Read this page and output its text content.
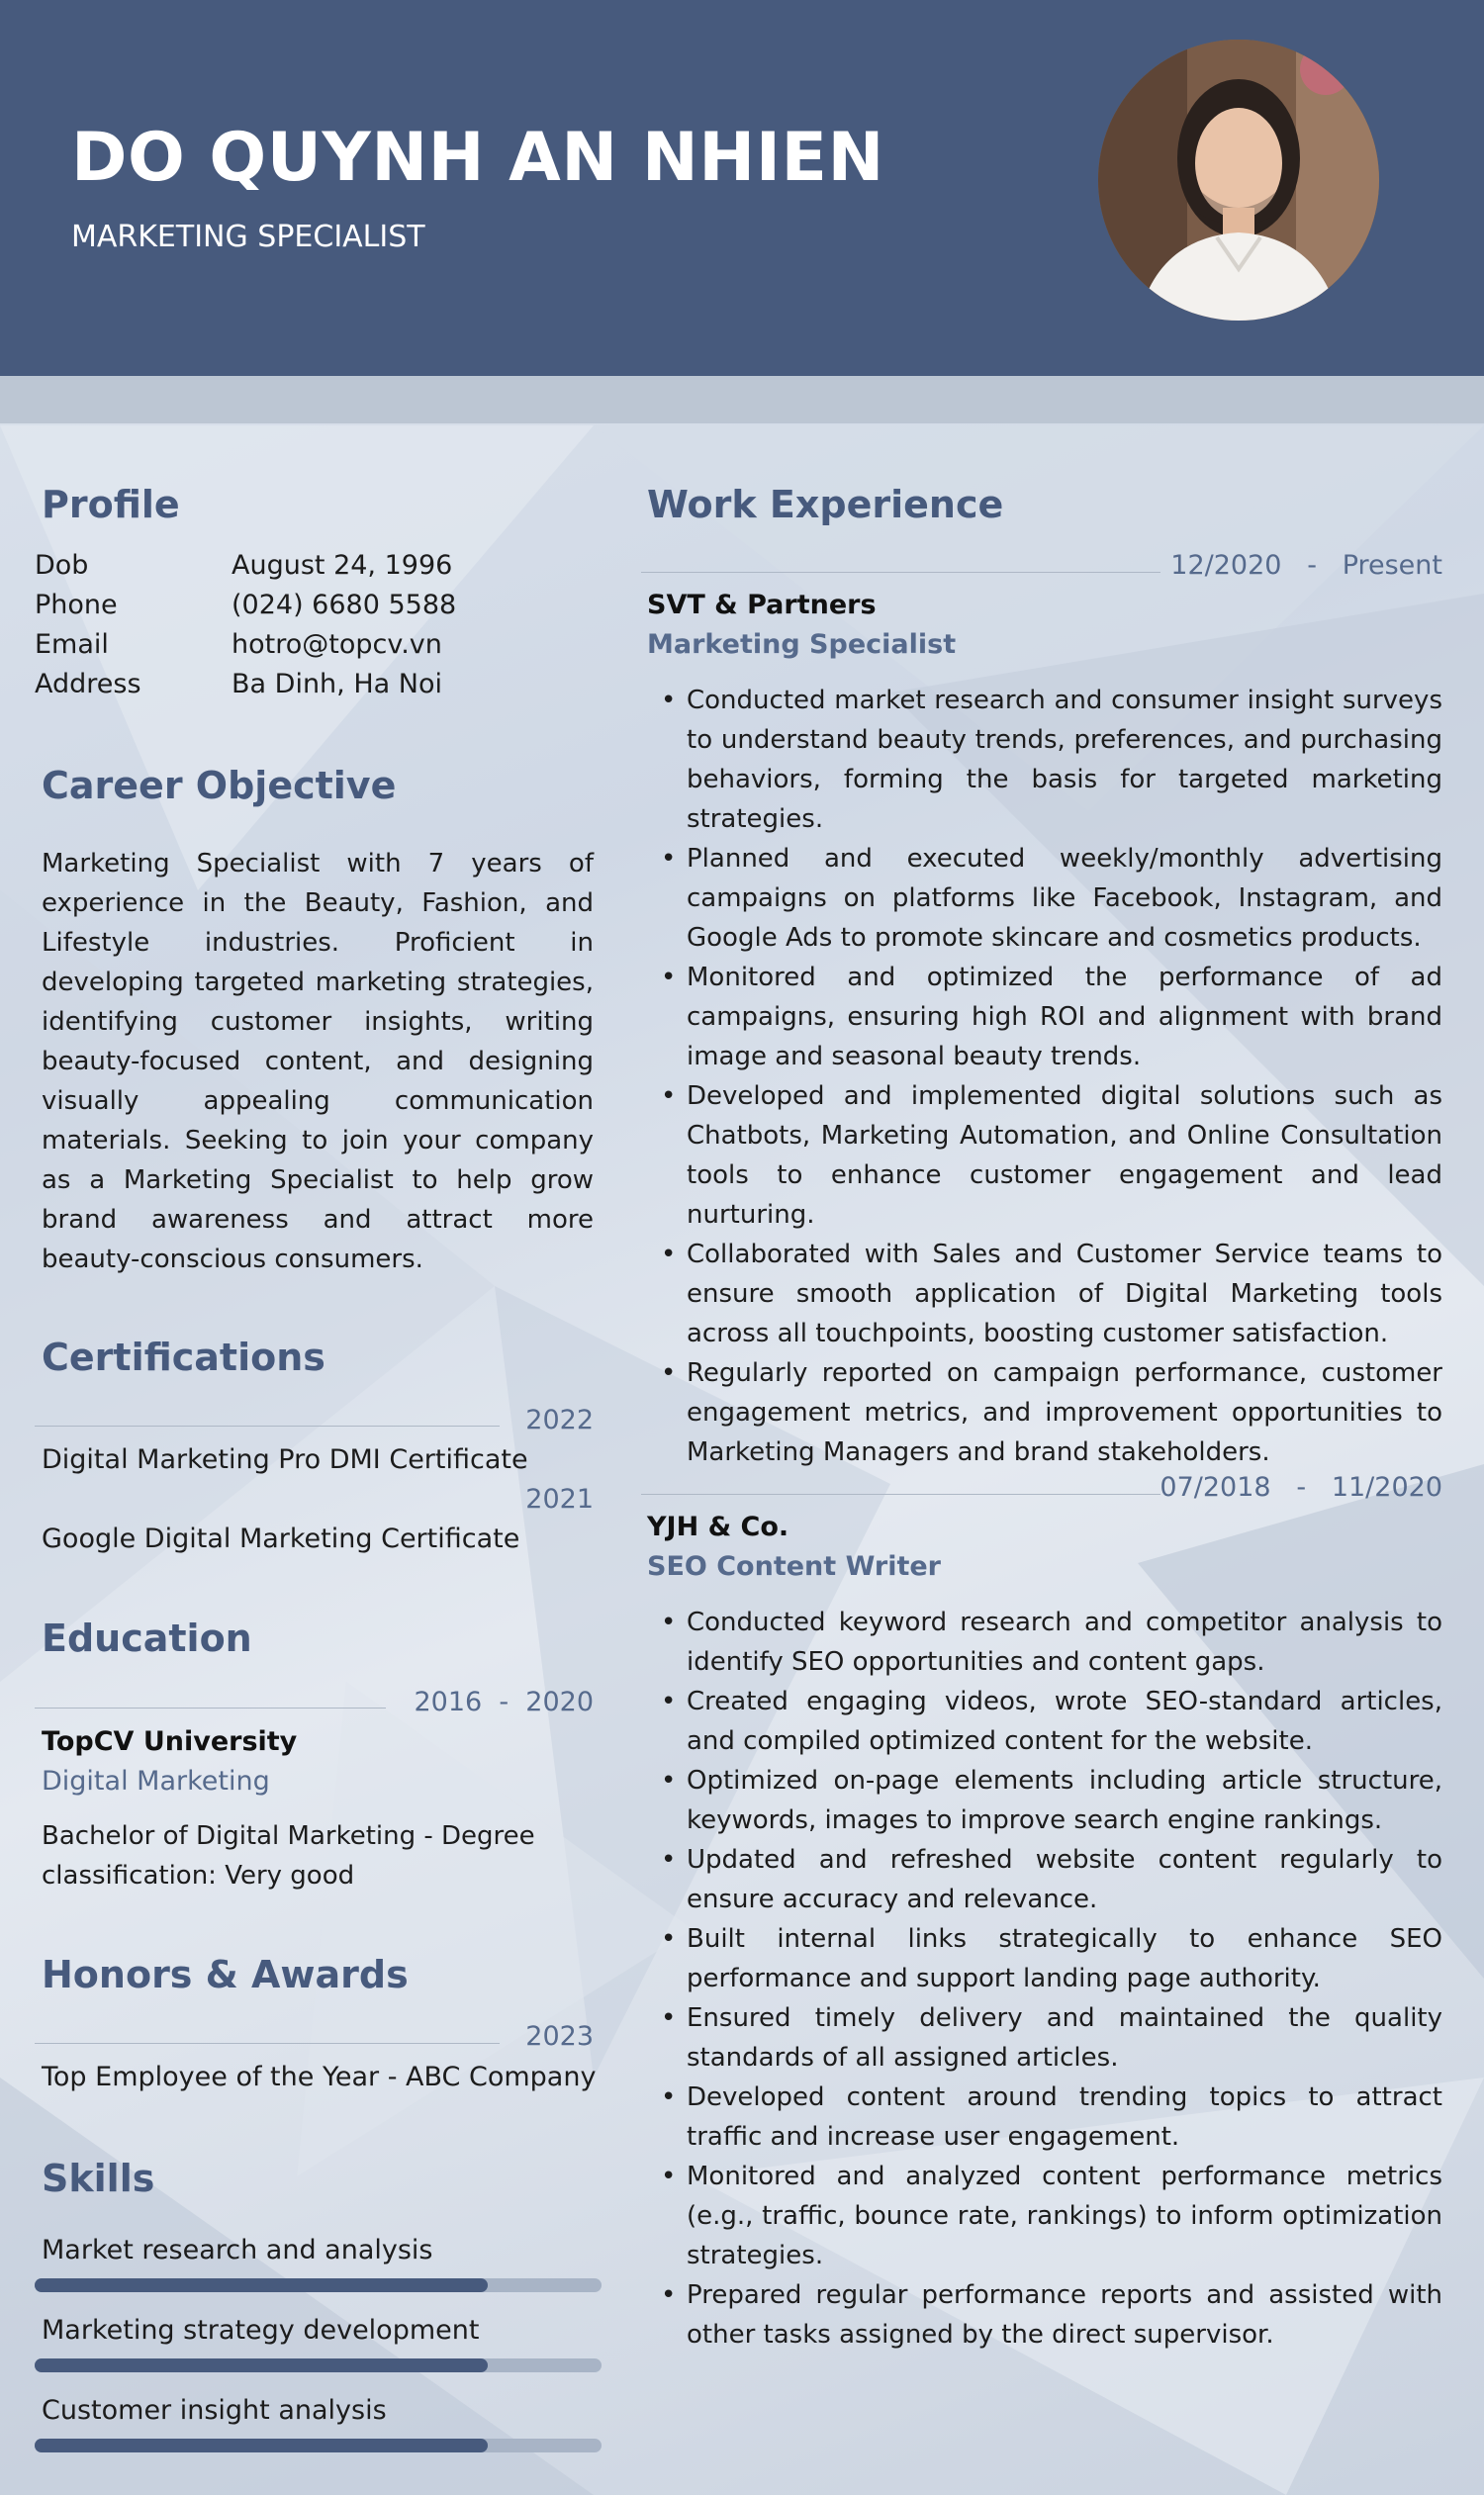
DO QUYNH AN NHIEN
MARKETING SPECIALIST
Profile
Dob	August 24, 1996
Phone	(024) 6680 5588
Email	hotro@topcv.vn
Address	Ba Dinh, Ha Noi
Career Objective
Marketing Specialist with 7 years of experience in the Beauty, Fashion, and Lifestyle industries. Proficient in developing targeted marketing strategies, identifying customer insights, writing beauty-focused content, and designing visually appealing communication materials. Seeking to join your company as a Marketing Specialist to help grow brand awareness and attract more beauty-conscious consumers.
Certifications
2022
Digital Marketing Pro DMI Certificate
2021
Google Digital Marketing Certificate
Education
2016 - 2020
TopCV University
Digital Marketing
Bachelor of Digital Marketing - Degree classification: Very good
Honors & Awards
2023
Top Employee of the Year - ABC Company
Skills
Market research and analysis
Marketing strategy development
Customer insight analysis
Work Experience
12/2020 - Present
SVT & Partners
Marketing Specialist
• Conducted market research and consumer insight surveys to understand beauty trends, preferences, and purchasing behaviors, forming the basis for targeted marketing strategies.
• Planned and executed weekly/monthly advertising campaigns on platforms like Facebook, Instagram, and Google Ads to promote skincare and cosmetics products.
• Monitored and optimized the performance of ad campaigns, ensuring high ROI and alignment with brand image and seasonal beauty trends.
• Developed and implemented digital solutions such as Chatbots, Marketing Automation, and Online Consultation tools to enhance customer engagement and lead nurturing.
• Collaborated with Sales and Customer Service teams to ensure smooth application of Digital Marketing tools across all touchpoints, boosting customer satisfaction.
• Regularly reported on campaign performance, customer engagement metrics, and improvement opportunities to Marketing Managers and brand stakeholders.
07/2018 - 11/2020
YJH & Co.
SEO Content Writer
• Conducted keyword research and competitor analysis to identify SEO opportunities and content gaps.
• Created engaging videos, wrote SEO-standard articles, and compiled optimized content for the website.
• Optimized on-page elements including article structure, keywords, images to improve search engine rankings.
• Updated and refreshed website content regularly to ensure accuracy and relevance.
• Built internal links strategically to enhance SEO performance and support landing page authority.
• Ensured timely delivery and maintained the quality standards of all assigned articles.
• Developed content around trending topics to attract traffic and increase user engagement.
• Monitored and analyzed content performance metrics (e.g., traffic, bounce rate, rankings) to inform optimization strategies.
• Prepared regular performance reports and assisted with other tasks assigned by the direct supervisor.
